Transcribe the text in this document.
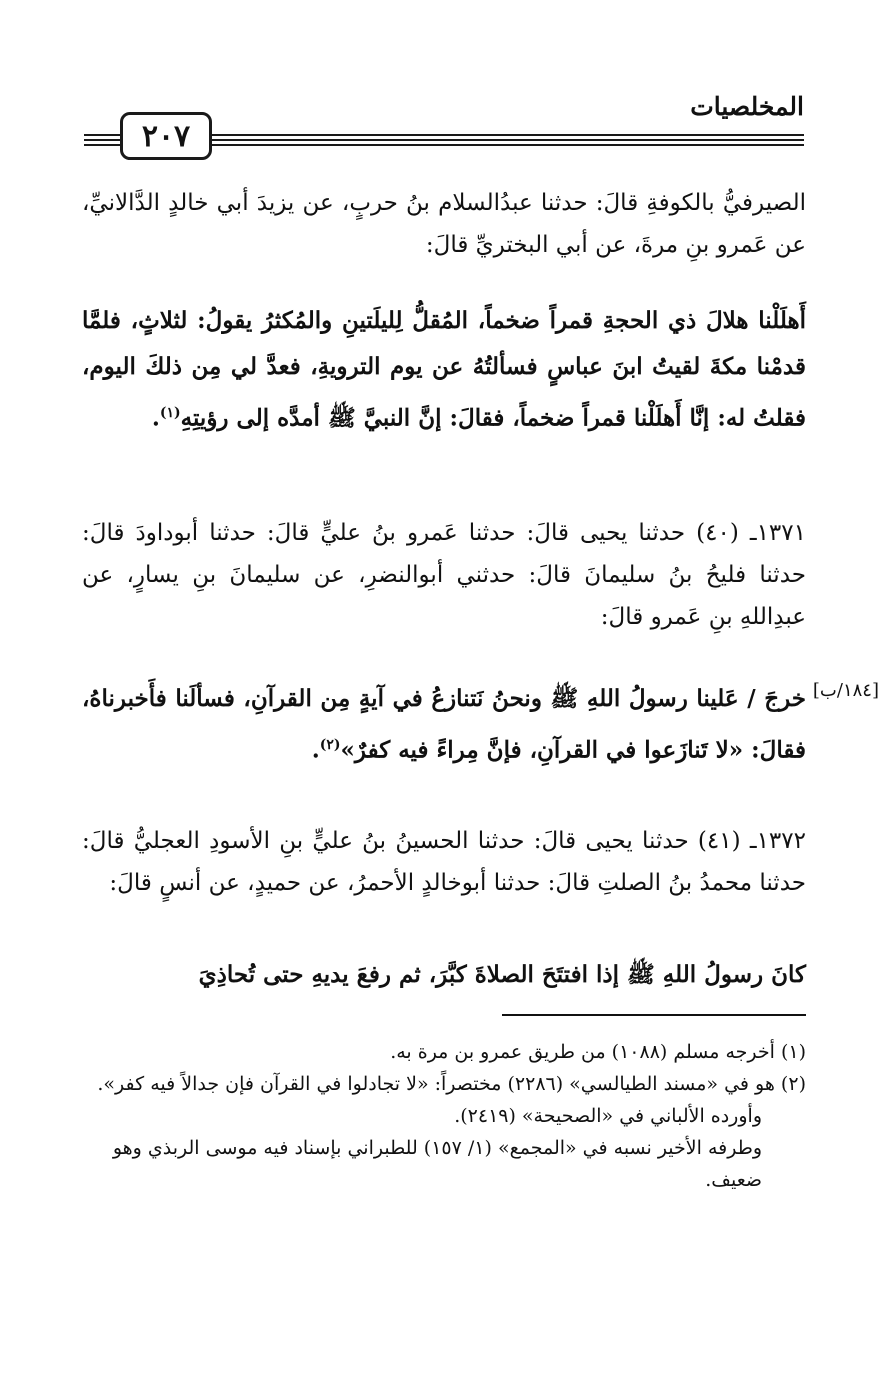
المخلصيات
٢٠٧

الصيرفيُّ بالكوفةِ قالَ: حدثنا عبدُالسلام بنُ حربٍ، عن يزيدَ أبي خالدٍ الدَّالانيِّ، عن عَمرو بنِ مرةَ، عن أبي البختريِّ قالَ:

أَهلَلْنا هلالَ ذي الحجةِ قمراً ضخماً، المُقلُّ لِليلَتينِ والمُكثرُ يقولُ: لثلاثٍ، فلمَّا قدمْنا مكةَ لقيتُ ابنَ عباسٍ فسألتُهُ عن يوم الترويةِ، فعدَّ لي مِن ذلكَ اليوم، فقلتُ له: إنَّا أَهلَلْنا قمراً ضخماً، فقالَ: إنَّ النبيَّ ﷺ أمدَّه إلى رؤيتِهِ$^{(١)}$.

١٣٧١ـ (٤٠) حدثنا يحيى قالَ: حدثنا عَمرو بنُ عليٍّ قالَ: حدثنا أبوداودَ قالَ: حدثنا فليحُ بنُ سليمانَ قالَ: حدثني أبوالنضرِ، عن سليمانَ بنِ يسارٍ، عن عبدِاللهِ بنِ عَمرو قالَ:

خرجَ / عَلينا رسولُ اللهِ ﷺ ونحنُ نَتنازعُ في آيةٍ مِن القرآنِ، فسألَنا فأَخبرناهُ، فقالَ: «لا تَنازَعوا في القرآنِ، فإنَّ مِراءً فيه كفرٌ»$^{(٢)}$.

[١٨٤/ب]

١٣٧٢ـ (٤١) حدثنا يحيى قالَ: حدثنا الحسينُ بنُ عليٍّ بنِ الأسودِ العجليُّ قالَ: حدثنا محمدُ بنُ الصلتِ قالَ: حدثنا أبوخالدٍ الأحمرُ، عن حميدٍ، عن أنسٍ قالَ:

كانَ رسولُ اللهِ ﷺ إذا افتتَحَ الصلاةَ كبَّرَ، ثم رفعَ يديهِ حتى تُحاذِيَ

(١) أخرجه مسلم (١٠٨٨) من طريق عمرو بن مرة به.

(٢) هو في «مسند الطيالسي» (٢٢٨٦) مختصراً: «لا تجادلوا في القرآن فإن جدالاً فيه كفر».

وأورده الألباني في «الصحيحة» (٢٤١٩).

وطرفه الأخير نسبه في «المجمع» (١/ ١٥٧) للطبراني بإسناد فيه موسى الربذي وهو ضعيف.
